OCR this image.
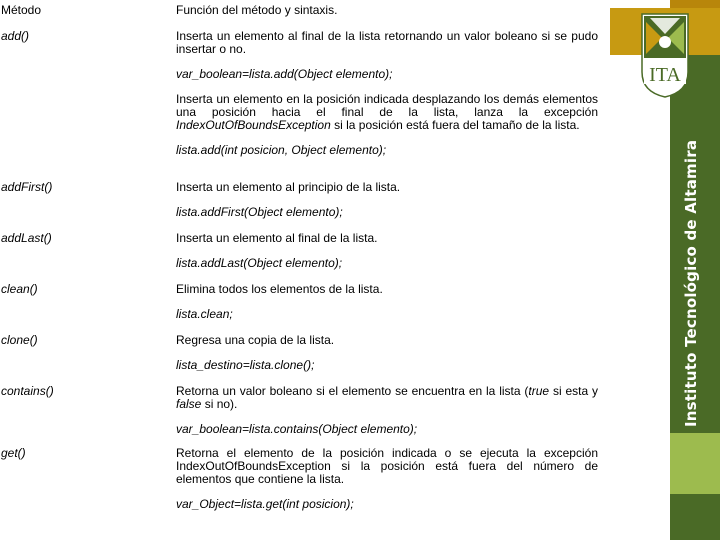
ITA
Instituto Tecnológico de Altamira
Método	Función del método y sintaxis.

add()	Inserta un elemento al final de la lista retornando un valor boleano si se pudo insertar o no.

var_boolean=lista.add(Object elemento);

Inserta un elemento en la posición indicada desplazando los demás elementos una posición hacia el final de la lista, lanza la excepción IndexOutOfBoundsException si la posición está fuera del tamaño de la lista.

lista.add(int posicion, Object elemento);

addFirst()	Inserta un elemento al principio de la lista.

lista.addFirst(Object elemento);

addLast()	Inserta un elemento al final de la lista.

lista.addLast(Object elemento);

clean()	Elimina todos los elementos de la lista.

lista.clean;

clone()	Regresa una copia de la lista.

lista_destino=lista.clone();

contains()	Retorna un valor boleano si el elemento se encuentra en la lista (true si esta y false si no).

var_boolean=lista.contains(Object elemento);

get()	Retorna el elemento de la posición indicada o se ejecuta la excepción IndexOutOfBoundsException si la posición está fuera del número de elementos que contiene la lista.

var_Object=lista.get(int posicion);
